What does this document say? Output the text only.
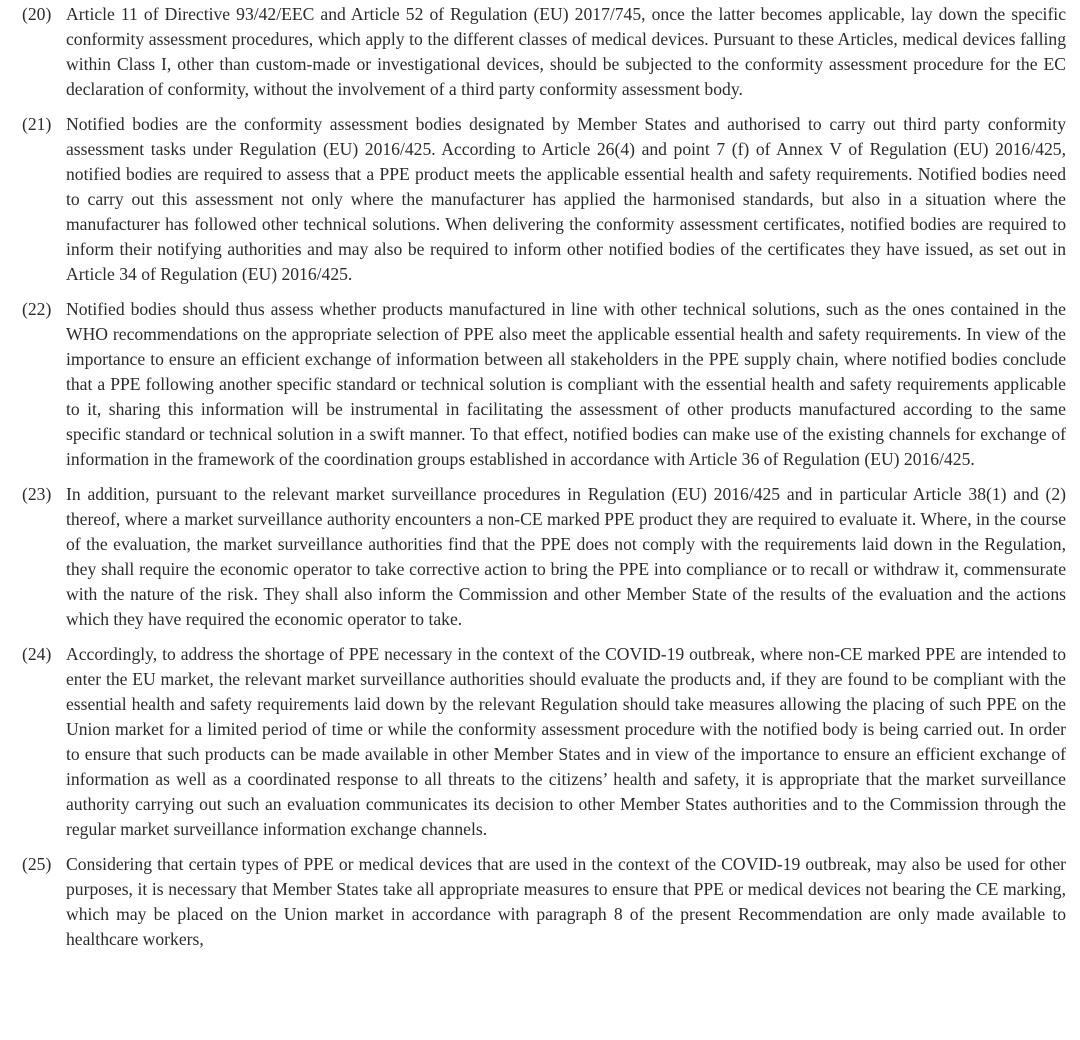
(20) Article 11 of Directive 93/42/EEC and Article 52 of Regulation (EU) 2017/745, once the latter becomes applicable, lay down the specific conformity assessment procedures, which apply to the different classes of medical devices. Pursuant to these Articles, medical devices falling within Class I, other than custom-made or investigational devices, should be subjected to the conformity assessment procedure for the EC declaration of conformity, without the involvement of a third party conformity assessment body.

(21) Notified bodies are the conformity assessment bodies designated by Member States and authorised to carry out third party conformity assessment tasks under Regulation (EU) 2016/425. According to Article 26(4) and point 7 (f) of Annex V of Regulation (EU) 2016/425, notified bodies are required to assess that a PPE product meets the applicable essential health and safety requirements. Notified bodies need to carry out this assessment not only where the manufacturer has applied the harmonised standards, but also in a situation where the manufacturer has followed other technical solutions. When delivering the conformity assessment certificates, notified bodies are required to inform their notifying authorities and may also be required to inform other notified bodies of the certificates they have issued, as set out in Article 34 of Regulation (EU) 2016/425.

(22) Notified bodies should thus assess whether products manufactured in line with other technical solutions, such as the ones contained in the WHO recommendations on the appropriate selection of PPE also meet the applicable essential health and safety requirements. In view of the importance to ensure an efficient exchange of information between all stakeholders in the PPE supply chain, where notified bodies conclude that a PPE following another specific standard or technical solution is compliant with the essential health and safety requirements applicable to it, sharing this information will be instrumental in facilitating the assessment of other products manufactured according to the same specific standard or technical solution in a swift manner. To that effect, notified bodies can make use of the existing channels for exchange of information in the framework of the coordination groups established in accordance with Article 36 of Regulation (EU) 2016/425.

(23) In addition, pursuant to the relevant market surveillance procedures in Regulation (EU) 2016/425 and in particular Article 38(1) and (2) thereof, where a market surveillance authority encounters a non-CE marked PPE product they are required to evaluate it. Where, in the course of the evaluation, the market surveillance authorities find that the PPE does not comply with the requirements laid down in the Regulation, they shall require the economic operator to take corrective action to bring the PPE into compliance or to recall or withdraw it, commensurate with the nature of the risk. They shall also inform the Commission and other Member State of the results of the evaluation and the actions which they have required the economic operator to take.

(24) Accordingly, to address the shortage of PPE necessary in the context of the COVID-19 outbreak, where non-CE marked PPE are intended to enter the EU market, the relevant market surveillance authorities should evaluate the products and, if they are found to be compliant with the essential health and safety requirements laid down by the relevant Regulation should take measures allowing the placing of such PPE on the Union market for a limited period of time or while the conformity assessment procedure with the notified body is being carried out. In order to ensure that such products can be made available in other Member States and in view of the importance to ensure an efficient exchange of information as well as a coordinated response to all threats to the citizens’ health and safety, it is appropriate that the market surveillance authority carrying out such an evaluation communicates its decision to other Member States authorities and to the Commission through the regular market surveillance information exchange channels.

(25) Considering that certain types of PPE or medical devices that are used in the context of the COVID-19 outbreak, may also be used for other purposes, it is necessary that Member States take all appropriate measures to ensure that PPE or medical devices not bearing the CE marking, which may be placed on the Union market in accordance with paragraph 8 of the present Recommendation are only made available to healthcare workers,
